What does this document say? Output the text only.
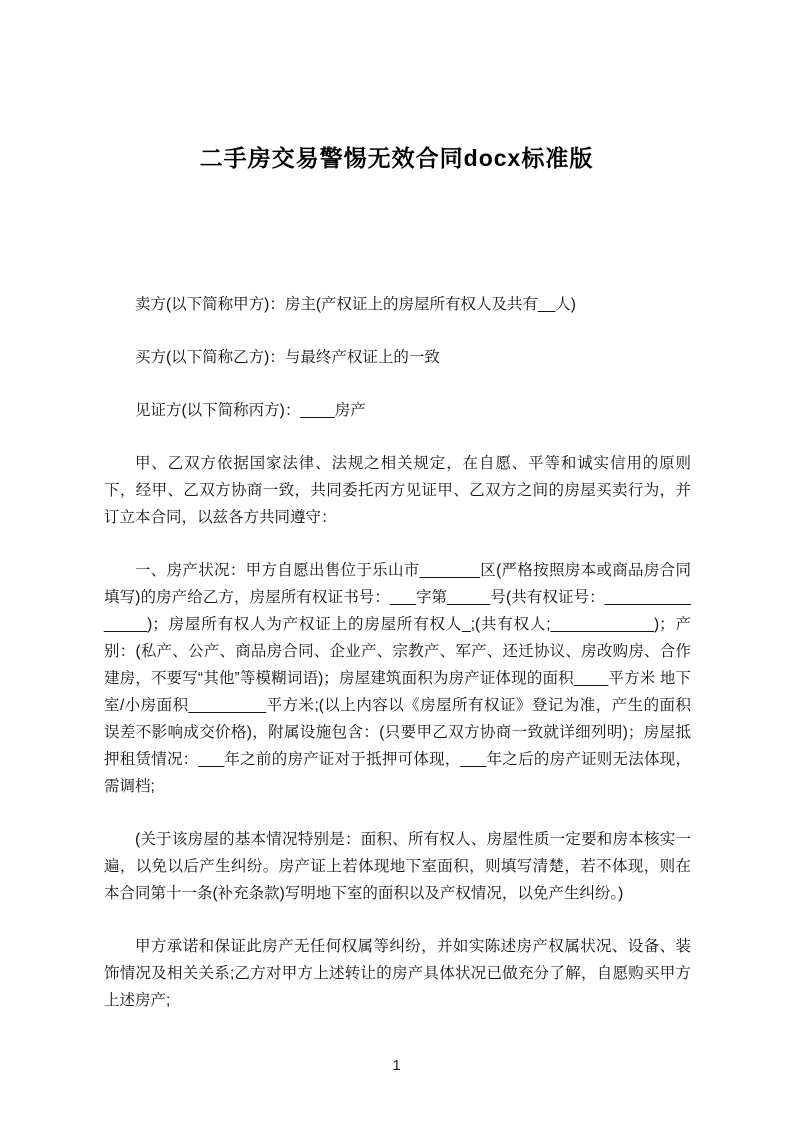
二手房交易警惕无效合同docx标准版

卖方(以下简称甲方)：房主(产权证上的房屋所有权人及共有__人)

买方(以下简称乙方)：与最终产权证上的一致

见证方(以下简称丙方)：____房产

甲、乙双方依据国家法律、法规之相关规定，在自愿、平等和诚实信用的原则下，经甲、乙双方协商一致，共同委托丙方见证甲、乙双方之间的房屋买卖行为，并订立本合同，以兹各方共同遵守：

一、房产状况：甲方自愿出售位于乐山市_______区(严格按照房本或商品房合同填写)的房产给乙方，房屋所有权证书号：___字第_____号(共有权证号：_______________)；房屋所有权人为产权证上的房屋所有权人_;(共有权人;____________)；产别：(私产、公产、商品房合同、企业产、宗教产、军产、还迁协议、房改购房、合作建房，不要写“其他”等模糊词语)；房屋建筑面积为房产证体现的面积____平方米 地下室/小房面积_________平方米;(以上内容以《房屋所有权证》登记为准，产生的面积误差不影响成交价格)，附属设施包含：(只要甲乙双方协商一致就详细列明)；房屋抵押租赁情况：___年之前的房产证对于抵押可体现，___年之后的房产证则无法体现，需调档;

(关于该房屋的基本情况特别是：面积、所有权人、房屋性质一定要和房本核实一遍，以免以后产生纠纷。房产证上若体现地下室面积，则填写清楚，若不体现，则在本合同第十一条(补充条款)写明地下室的面积以及产权情况，以免产生纠纷。)

甲方承诺和保证此房产无任何权属等纠纷，并如实陈述房产权属状况、设备、装饰情况及相关关系;乙方对甲方上述转让的房产具体状况已做充分了解，自愿购买甲方上述房产;

1
